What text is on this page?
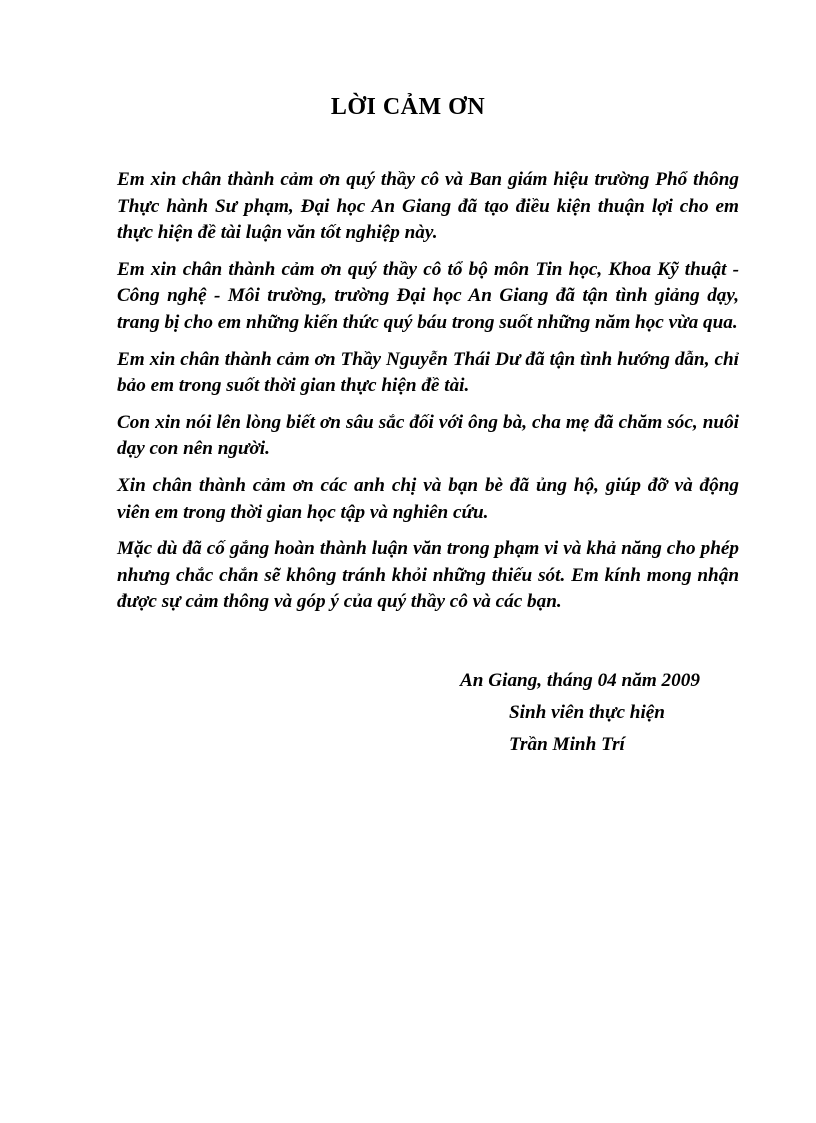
LỜI CẢM ƠN

Em xin chân thành cảm ơn quý thầy cô và Ban giám hiệu trường Phổ thông Thực hành Sư phạm, Đại học An Giang đã tạo điều kiện thuận lợi cho em thực hiện đề tài luận văn tốt nghiệp này.

Em xin chân thành cảm ơn quý thầy cô tổ bộ môn Tin học, Khoa Kỹ thuật - Công nghệ - Môi trường, trường Đại học An Giang đã tận tình giảng dạy, trang bị cho em những kiến thức quý báu trong suốt những năm học vừa qua.

Em xin chân thành cảm ơn Thầy Nguyễn Thái Dư đã tận tình hướng dẫn, chỉ bảo em trong suốt thời gian thực hiện đề tài.

Con xin nói lên lòng biết ơn sâu sắc đối với ông bà, cha mẹ đã chăm sóc, nuôi dạy con nên người.

Xin chân thành cảm ơn các anh chị và bạn bè đã ủng hộ, giúp đỡ và động viên em trong thời gian học tập và nghiên cứu.

Mặc dù đã cố gắng hoàn thành luận văn trong phạm vi và khả năng cho phép nhưng chắc chắn sẽ không tránh khỏi những thiếu sót. Em kính mong nhận được sự cảm thông và góp ý của quý thầy cô và các bạn.

An Giang, tháng 04 năm 2009
Sinh viên thực hiện
Trần Minh Trí
